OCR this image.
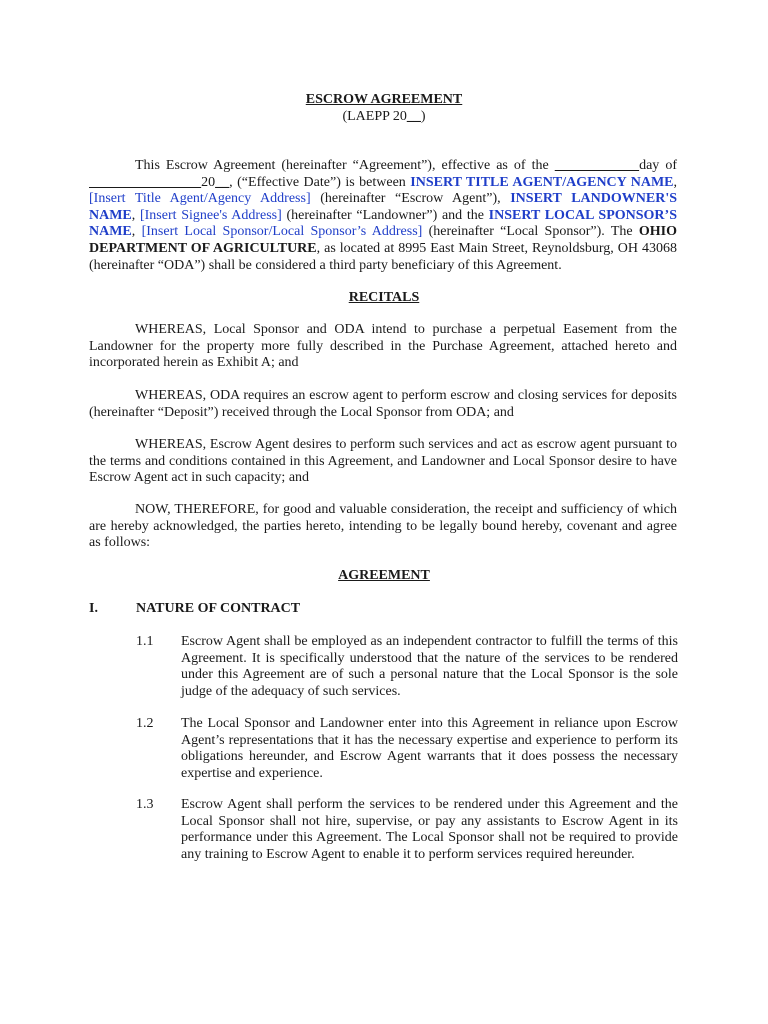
ESCROW AGREEMENT
(LAEPP 20__)

This Escrow Agreement (hereinafter “Agreement”), effective as of the	day of                          20__, (“Effective Date”) is between INSERT TITLE AGENT/AGENCY NAME, [Insert Title Agent/Agency Address] (hereinafter “Escrow Agent”), INSERT LANDOWNER'S NAME, [Insert Signee's Address] (hereinafter “Landowner”) and the INSERT LOCAL SPONSOR’S NAME, [Insert Local Sponsor/Local Sponsor’s Address] (hereinafter “Local Sponsor”). The OHIO DEPARTMENT OF AGRICULTURE, as located at 8995 East Main Street, Reynoldsburg, OH 43068 (hereinafter “ODA”) shall be considered a third party beneficiary of this Agreement.

RECITALS

WHEREAS, Local Sponsor and ODA intend to purchase a perpetual Easement from the Landowner for the property more fully described in the Purchase Agreement, attached hereto and incorporated herein as Exhibit A; and

WHEREAS, ODA requires an escrow agent to perform escrow and closing services for deposits (hereinafter “Deposit”) received through the Local Sponsor from ODA; and

WHEREAS, Escrow Agent desires to perform such services and act as escrow agent pursuant to the terms and conditions contained in this Agreement, and Landowner and Local Sponsor desire to have Escrow Agent act in such capacity; and

NOW, THEREFORE, for good and valuable consideration, the receipt and sufficiency of which are hereby acknowledged, the parties hereto, intending to be legally bound hereby, covenant and agree as follows:

AGREEMENT
I.	NATURE OF CONTRACT
1.1 Escrow Agent shall be employed as an independent contractor to fulfill the terms of this Agreement. It is specifically understood that the nature of the services to be rendered under this Agreement are of such a personal nature that the Local Sponsor is the sole judge of the adequacy of such services.

1.2 The Local Sponsor and Landowner enter into this Agreement in reliance upon Escrow Agent’s representations that it has the necessary expertise and experience to perform its obligations hereunder, and Escrow Agent warrants that it does possess the necessary expertise and experience.

1.3 Escrow Agent shall perform the services to be rendered under this Agreement and the Local Sponsor shall not hire, supervise, or pay any assistants to Escrow Agent in its performance under this Agreement. The Local Sponsor shall not be required to provide any training to Escrow Agent to enable it to perform services required hereunder.
